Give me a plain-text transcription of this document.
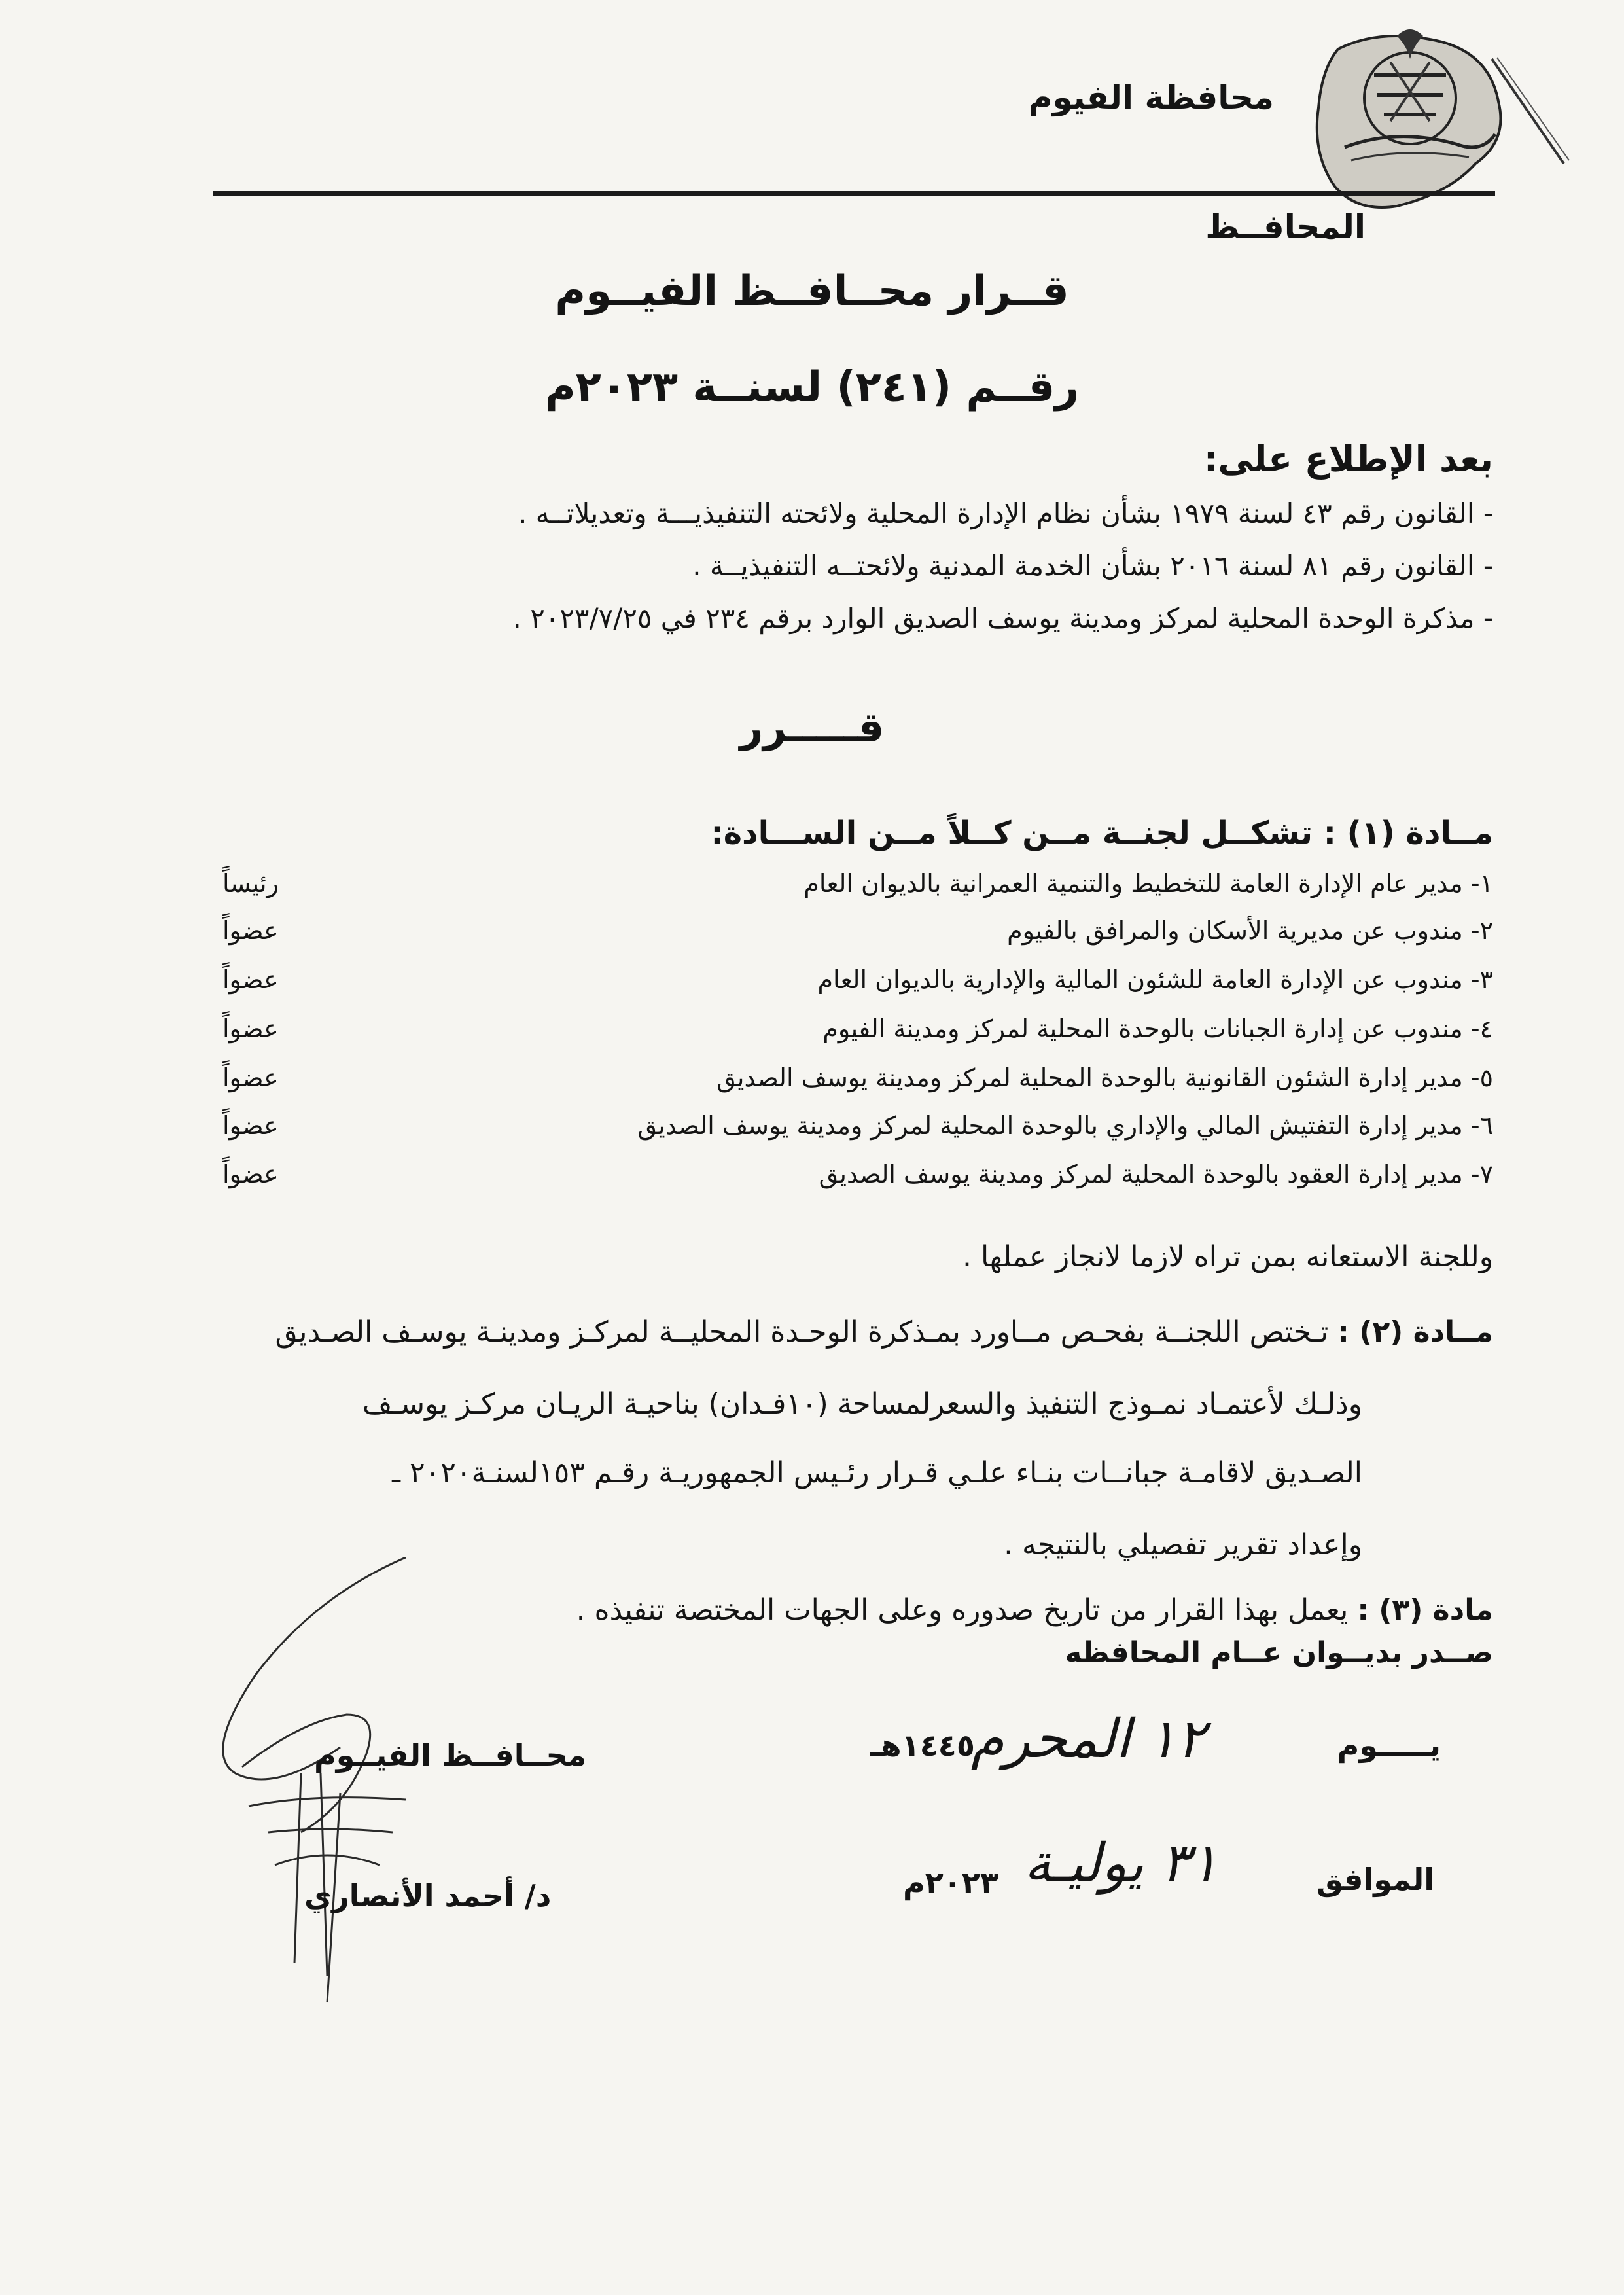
محافظة الفيوم
المحافــظ
قــرار محــافــظ الفيــوم
رقــم (٢٤١) لسنــة ٢٠٢٣م
بعد الإطلاع على:
- القانون رقم ٤٣ لسنة ١٩٧٩ بشأن نظام الإدارة المحلية ولائحته التنفيذيـــة وتعديلاتــه .
- القانون رقم ٨١ لسنة ٢٠١٦ بشأن الخدمة المدنية ولائحتــه التنفيذيــة .
- مذكرة الوحدة المحلية لمركز ومدينة يوسف الصديق الوارد برقم ٢٣٤ في ٢٠٢٣/٧/٢٥ .
قـــــرر
مــادة (١) : تشكــل لجنــة مــن كــلاً مــن الســـادة:
١- مدير عام الإدارة العامة للتخطيط والتنمية العمرانية بالديوان العام
رئيساً
٢- مندوب عن مديرية الأسكان والمرافق بالفيوم
عضواً
٣- مندوب عن الإدارة العامة للشئون المالية والإدارية بالديوان العام
عضواً
٤- مندوب عن إدارة الجبانات بالوحدة المحلية لمركز ومدينة الفيوم
عضواً
٥- مدير إدارة الشئون القانونية بالوحدة المحلية لمركز ومدينة يوسف الصديق
عضواً
٦- مدير إدارة التفتيش المالي والإداري بالوحدة المحلية لمركز ومدينة يوسف الصديق
عضواً
٧- مدير إدارة العقود بالوحدة المحلية لمركز ومدينة يوسف الصديق
عضواً
وللجنة الاستعانه بمن تراه لازما لانجاز عملها .
مــادة (٢) : تـختص اللجنــة بفحـص مــاورد بمـذكرة الوحـدة المحليــة لمركـز ومدينـة يوسـف الصـديق
وذلـك لأعتمـاد نمـوذج التنفيذ والسعرلمساحة (١٠فـدان) بناحيـة الريـان مركـز يوسـف
الصـديق لاقامـة جبانــات بنـاء علـي قـرار رئـيس الجمهوريـة رقـم ١٥٣لسنـة٢٠٢٠ ـ
وإعداد تقرير تفصيلي بالنتيجه .
مادة (٣) : يعمل بهذا القرار من تاريخ صدوره وعلى الجهات المختصة تنفيذه .
صــدر بديــوان عــام المحافظه
محــافــظ الفيــوم
د/ أحمد الأنصاري
يـــــوم
١٢ المحرم
١٤٤٥هـ
الموافق
٣١ يوليـة
٢٠٢٣م
